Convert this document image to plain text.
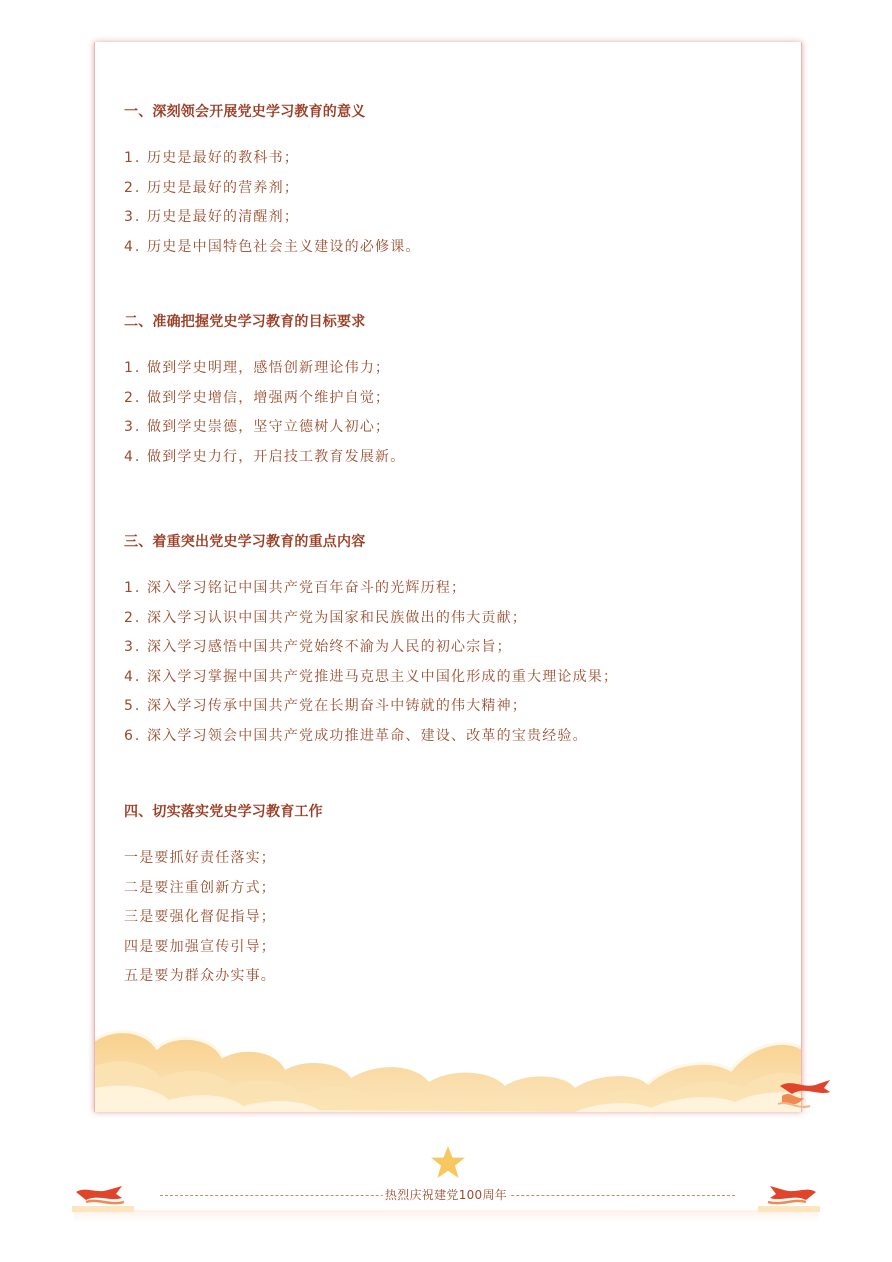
一、深刻领会开展党史学习教育的意义
1. 历史是最好的教科书；
2. 历史是最好的营养剂；
3. 历史是最好的清醒剂；
4. 历史是中国特色社会主义建设的必修课。
二、准确把握党史学习教育的目标要求
1. 做到学史明理，感悟创新理论伟力；
2. 做到学史增信，增强两个维护自觉；
3. 做到学史崇德，坚守立德树人初心；
4. 做到学史力行，开启技工教育发展新。
三、着重突出党史学习教育的重点内容
1. 深入学习铭记中国共产党百年奋斗的光辉历程；
2. 深入学习认识中国共产党为国家和民族做出的伟大贡献；
3. 深入学习感悟中国共产党始终不渝为人民的初心宗旨；
4. 深入学习掌握中国共产党推进马克思主义中国化形成的重大理论成果；
5. 深入学习传承中国共产党在长期奋斗中铸就的伟大精神；
6. 深入学习领会中国共产党成功推进革命、建设、改革的宝贵经验。
四、切实落实党史学习教育工作
一是要抓好责任落实；
二是要注重创新方式；
三是要强化督促指导；
四是要加强宣传引导；
五是要为群众办实事。
热烈庆祝建党100周年
